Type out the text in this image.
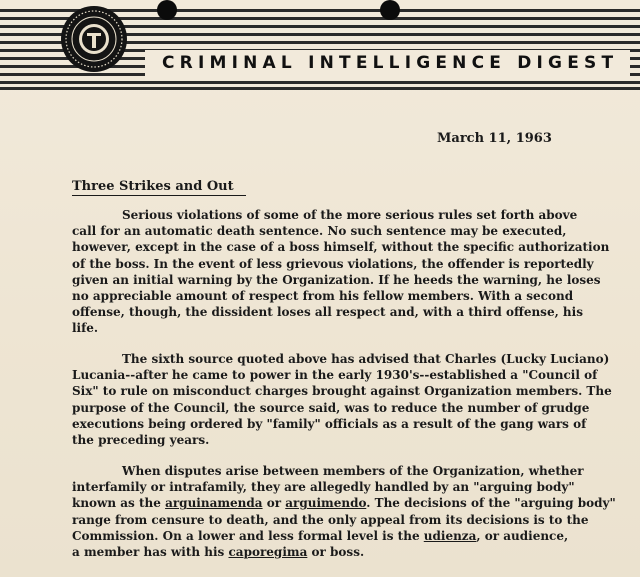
CRIMINAL INTELLIGENCE DIGEST
March 11, 1963
Three Strikes and Out
Serious violations of some of the more serious rules set forth above
call for an automatic death sentence. No such sentence may be executed,
however, except in the case of a boss himself, without the specific authorization
of the boss. In the event of less grievous violations, the offender is reportedly
given an initial warning by the Organization. If he heeds the warning, he loses
no appreciable amount of respect from his fellow members. With a second
offense, though, the dissident loses all respect and, with a third offense, his
life.
The sixth source quoted above has advised that Charles (Lucky Luciano)
Lucania--after he came to power in the early 1930's--established a "Council of
Six" to rule on misconduct charges brought against Organization members. The
purpose of the Council, the source said, was to reduce the number of grudge
executions being ordered by "family" officials as a result of the gang wars of
the preceding years.
When disputes arise between members of the Organization, whether
interfamily or intrafamily, they are allegedly handled by an "arguing body"
known as the arguinamenda or arguimendo. The decisions of the "arguing body"
range from censure to death, and the only appeal from its decisions is to the
Commission. On a lower and less formal level is the udienza, or audience,
a member has with his caporegima or boss.
